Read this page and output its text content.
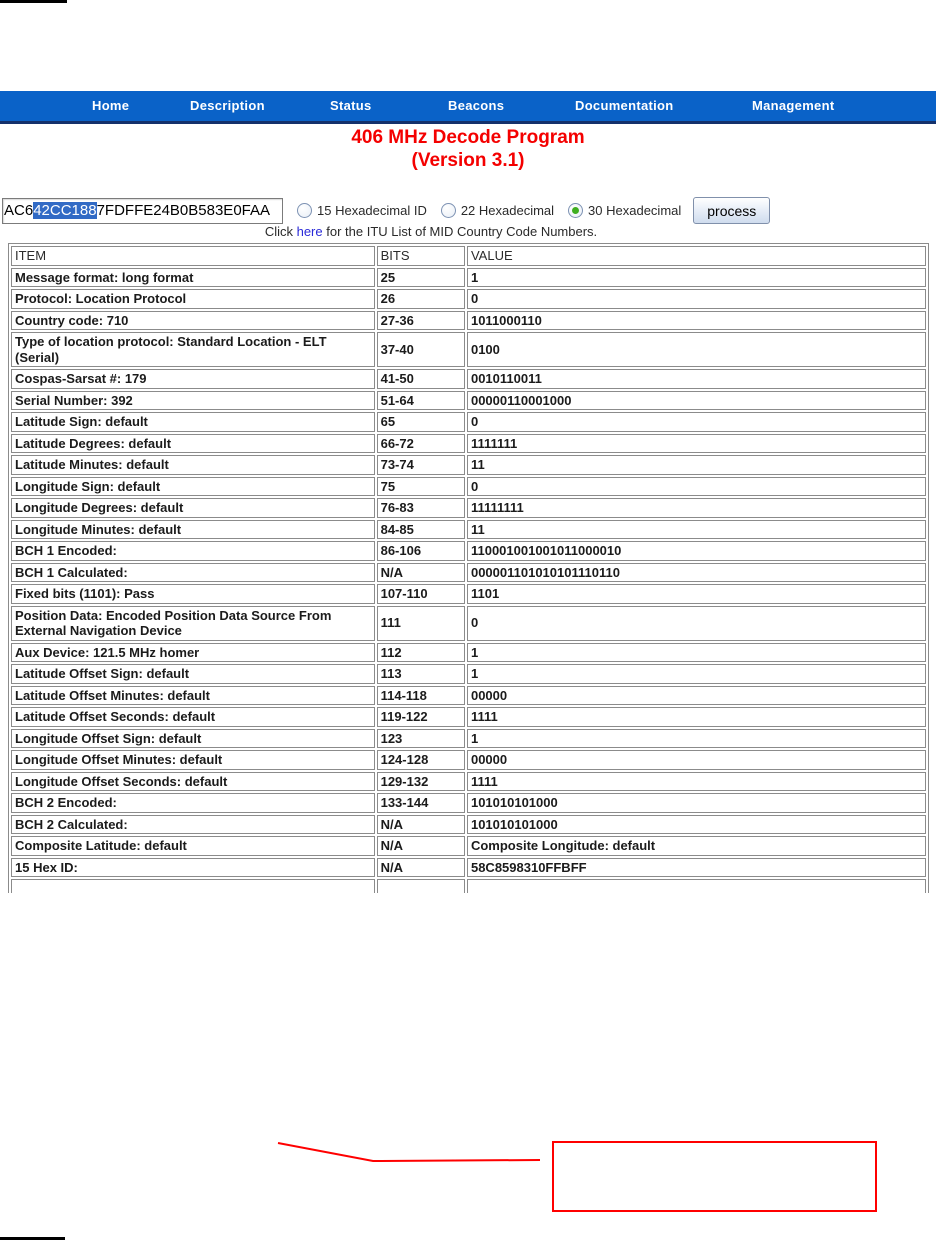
Home	Description	Status	Beacons	Documentation	Management
406 MHz Decode Program
(Version 3.1)
AC642CC1887FDFFE24B0B583E0FAA	15 Hexadecimal ID	22 Hexadecimal	30 Hexadecimal	process
Click here for the ITU List of MID Country Code Numbers.
ITEM	BITS	VALUE
Message format: long format	25	1
Protocol: Location Protocol	26	0
Country code: 710	27-36	1011000110
Type of location protocol: Standard Location - ELT (Serial)	37-40	0100
Cospas-Sarsat #: 179	41-50	0010110011
Serial Number: 392	51-64	00000110001000
Latitude Sign: default	65	0
Latitude Degrees: default	66-72	1111111
Latitude Minutes: default	73-74	11
Longitude Sign: default	75	0
Longitude Degrees: default	76-83	11111111
Longitude Minutes: default	84-85	11
BCH 1 Encoded:	86-106	110001001001011000010
BCH 1 Calculated:	N/A	000001101010101110110
Fixed bits (1101): Pass	107-110	1101
Position Data: Encoded Position Data Source From External Navigation Device	111	0
Aux Device: 121.5 MHz homer	112	1
Latitude Offset Sign: default	113	1
Latitude Offset Minutes: default	114-118	00000
Latitude Offset Seconds: default	119-122	1111
Longitude Offset Sign: default	123	1
Longitude Offset Minutes: default	124-128	00000
Longitude Offset Seconds: default	129-132	1111
BCH 2 Encoded:	133-144	101010101000
BCH 2 Calculated:	N/A	101010101000
Composite Latitude: default	N/A	Composite Longitude: default
15 Hex ID:	N/A	58C8598310FFBFF
